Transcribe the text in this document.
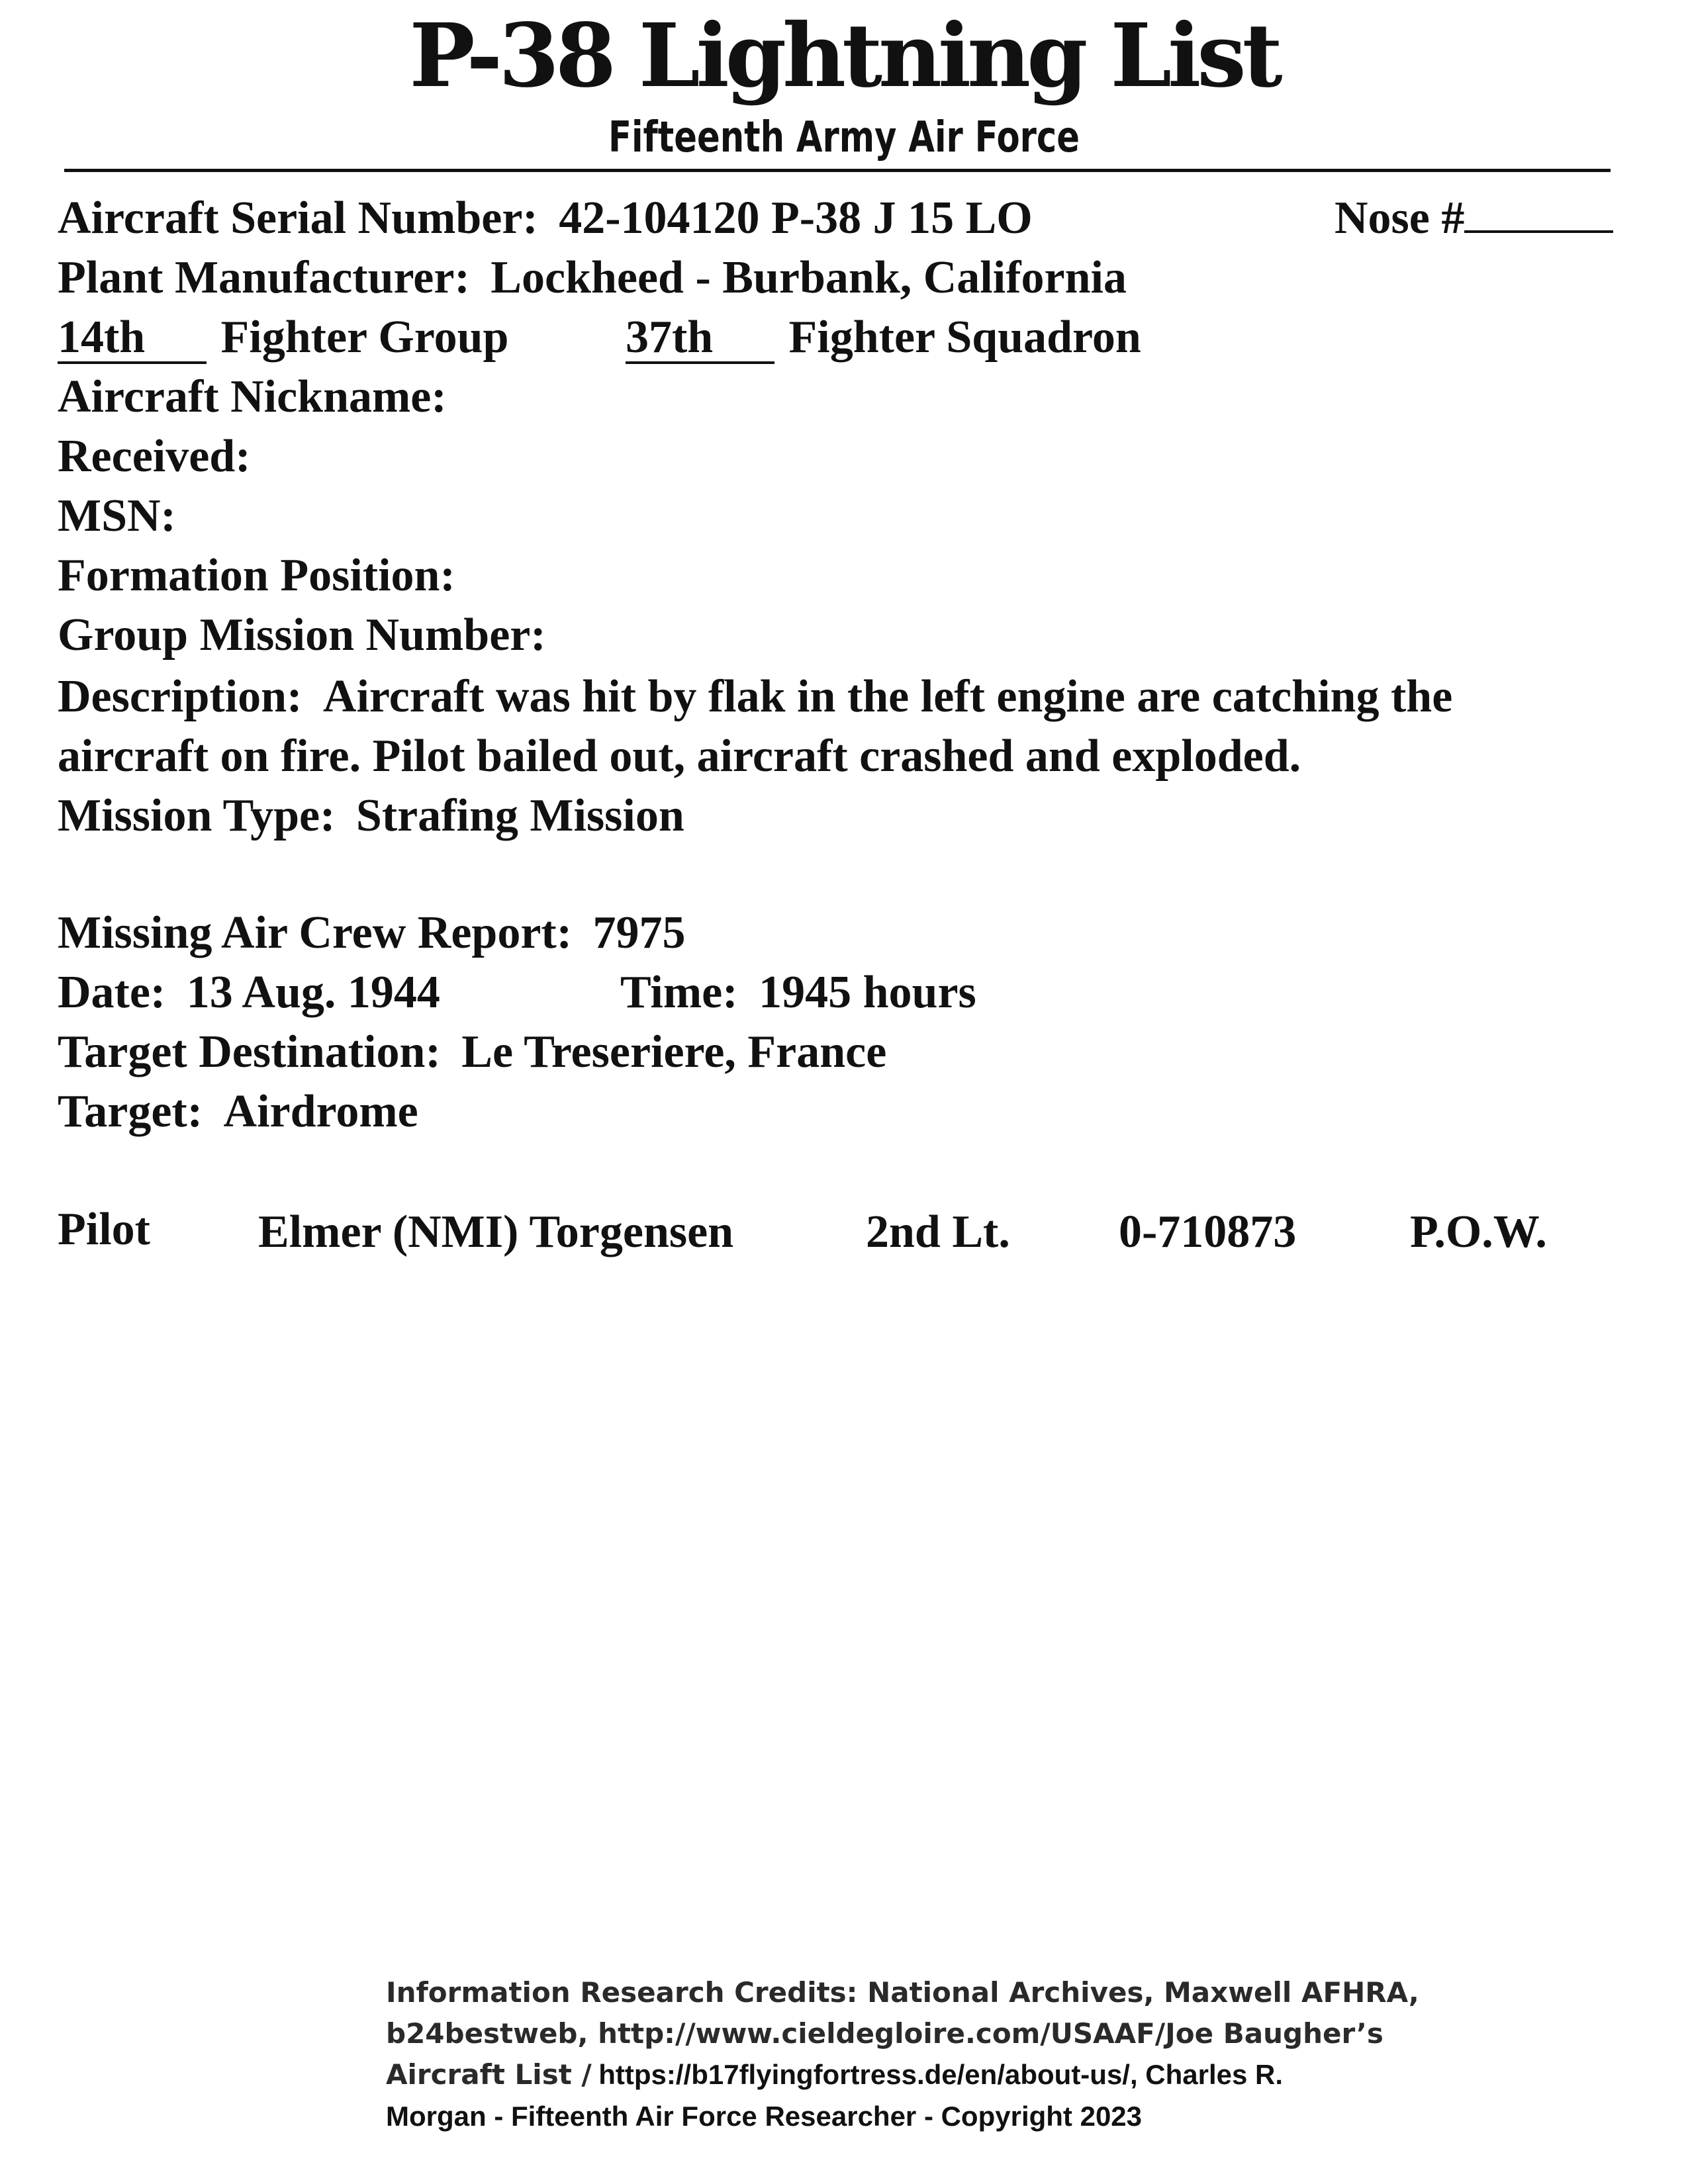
P-38 Lightning List
Fifteenth Army Air Force
Aircraft Serial Number: 42-104120 P-38 J 15 LO	Nose #
Plant Manufacturer: Lockheed - Burbank, California
14th Fighter Group	37th Fighter Squadron
Aircraft Nickname:
Received:
MSN:
Formation Position:
Group Mission Number:
Description: Aircraft was hit by flak in the left engine are catching the
aircraft on fire. Pilot bailed out, aircraft crashed and exploded.
Mission Type: Strafing Mission
Missing Air Crew Report: 7975
Date: 13 Aug. 1944	Time: 1945 hours
Target Destination: Le Treseriere, France
Target: Airdrome
Pilot Elmer (NMI) Torgensen	2nd Lt. 0-710873 P.O.W.
Information Research Credits: National Archives, Maxwell AFHRA,
b24bestweb, http://www.cieldegloire.com/USAAF/Joe Baugher’s
Aircraft List / https://b17flyingfortress.de/en/about-us/, Charles R.
Morgan - Fifteenth Air Force Researcher - Copyright 2023
